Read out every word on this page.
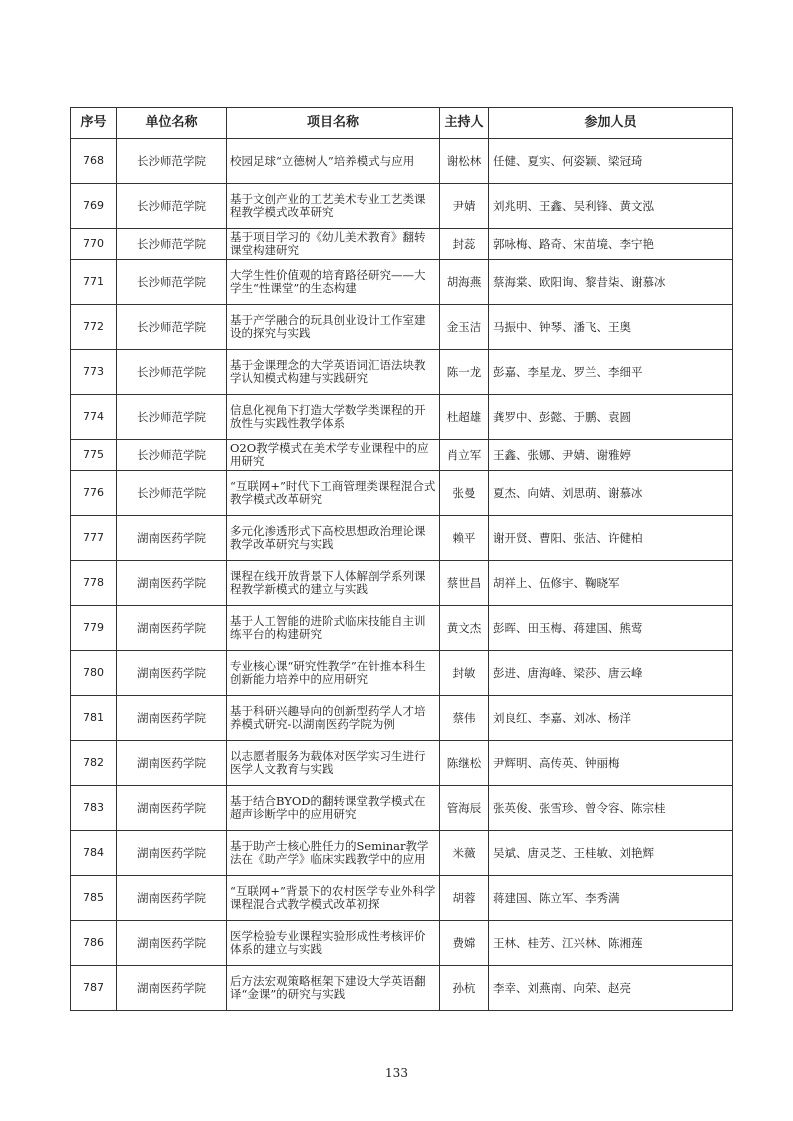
序号	单位名称	项目名称	主持人	参加人员
768	长沙师范学院	校园足球“立德树人”培养模式与应用	谢松林	任健、夏实、何姿颖、梁冠琦
769	长沙师范学院	基于文创产业的工艺美术专业工艺类课程教学模式改革研究	尹婧	刘兆明、王鑫、吴利锋、黄文泓
770	长沙师范学院	基于项目学习的《幼儿美术教育》翻转课堂构建研究	封蕊	郭咏梅、路奇、宋苗境、李宁艳
771	长沙师范学院	大学生性价值观的培育路径研究——大学生“性课堂”的生态构建	胡海燕	蔡海棠、欧阳询、黎昔柒、谢慕冰
772	长沙师范学院	基于产学融合的玩具创业设计工作室建设的探究与实践	金玉洁	马振中、钟琴、潘飞、王奥
773	长沙师范学院	基于金课理念的大学英语词汇语法块教学认知模式构建与实践研究	陈一龙	彭嘉、李星龙、罗兰、李细平
774	长沙师范学院	信息化视角下打造大学数学类课程的开放性与实践性教学体系	杜超雄	龚罗中、彭懿、于鹏、袁圆
775	长沙师范学院	O2O教学模式在美术学专业课程中的应用研究	肖立军	王鑫、张娜、尹婧、谢雅婷
776	长沙师范学院	“互联网+”时代下工商管理类课程混合式教学模式改革研究	张曼	夏杰、向婧、刘思萌、谢慕冰
777	湖南医药学院	多元化渗透形式下高校思想政治理论课教学改革研究与实践	赖平	谢开贤、曹阳、张洁、许健柏
778	湖南医药学院	课程在线开放背景下人体解剖学系列课程教学新模式的建立与实践	蔡世昌	胡祥上、伍修宇、鞠晓军
779	湖南医药学院	基于人工智能的进阶式临床技能自主训练平台的构建研究	黄文杰	彭晖、田玉梅、蒋建国、熊莺
780	湖南医药学院	专业核心课“研究性教学”在针推本科生创新能力培养中的应用研究	封敏	彭进、唐海峰、梁莎、唐云峰
781	湖南医药学院	基于科研兴趣导向的创新型药学人才培养模式研究-以湖南医药学院为例	蔡伟	刘良红、李嘉、刘冰、杨洋
782	湖南医药学院	以志愿者服务为载体对医学实习生进行医学人文教育与实践	陈继松	尹辉明、高传英、钟丽梅
783	湖南医药学院	基于结合BYOD的翻转课堂教学模式在超声诊断学中的应用研究	管海辰	张英俊、张雪珍、曾令容、陈宗桂
784	湖南医药学院	基于助产士核心胜任力的Seminar教学法在《助产学》临床实践教学中的应用	米薇	吴斌、唐灵芝、王桂敏、刘艳辉
785	湖南医药学院	“互联网+”背景下的农村医学专业外科学课程混合式教学模式改革初探	胡蓉	蒋建国、陈立军、李秀满
786	湖南医药学院	医学检验专业课程实验形成性考核评价体系的建立与实践	费嫦	王林、桂芳、江兴林、陈湘莲
787	湖南医药学院	后方法宏观策略框架下建设大学英语翻译“金课”的研究与实践	孙杭	李幸、刘燕南、向荣、赵亮
133
